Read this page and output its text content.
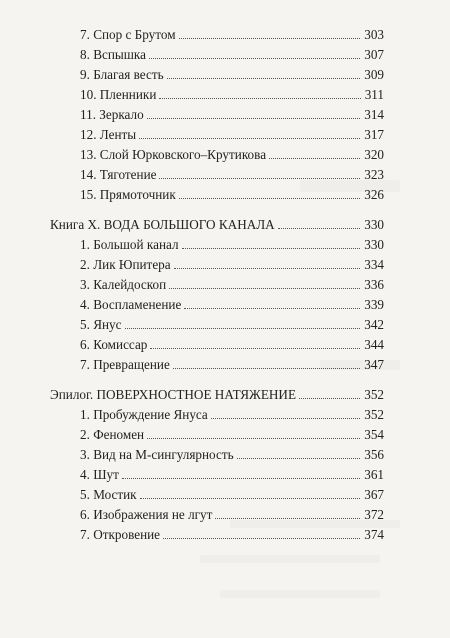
7. Спор с Брутом	303
8. Вспышка	307
9. Благая весть	309
10. Пленники	311
11. Зеркало	314
12. Ленты	317
13. Слой Юрковского–Крутикова	320
14. Тяготение	323
15. Прямоточник	326
Книга X. ВОДА БОЛЬШОГО КАНАЛА	330
1. Большой канал	330
2. Лик Юпитера	334
3. Калейдоскоп	336
4. Воспламенение	339
5. Янус	342
6. Комиссар	344
7. Превращение	347
Эпилог. ПОВЕРХНОСТНОЕ НАТЯЖЕНИЕ	352
1. Пробуждение Януса	352
2. Феномен	354
3. Вид на М-сингулярность	356
4. Шут	361
5. Мостик	367
6. Изображения не лгут	372
7. Откровение	374
